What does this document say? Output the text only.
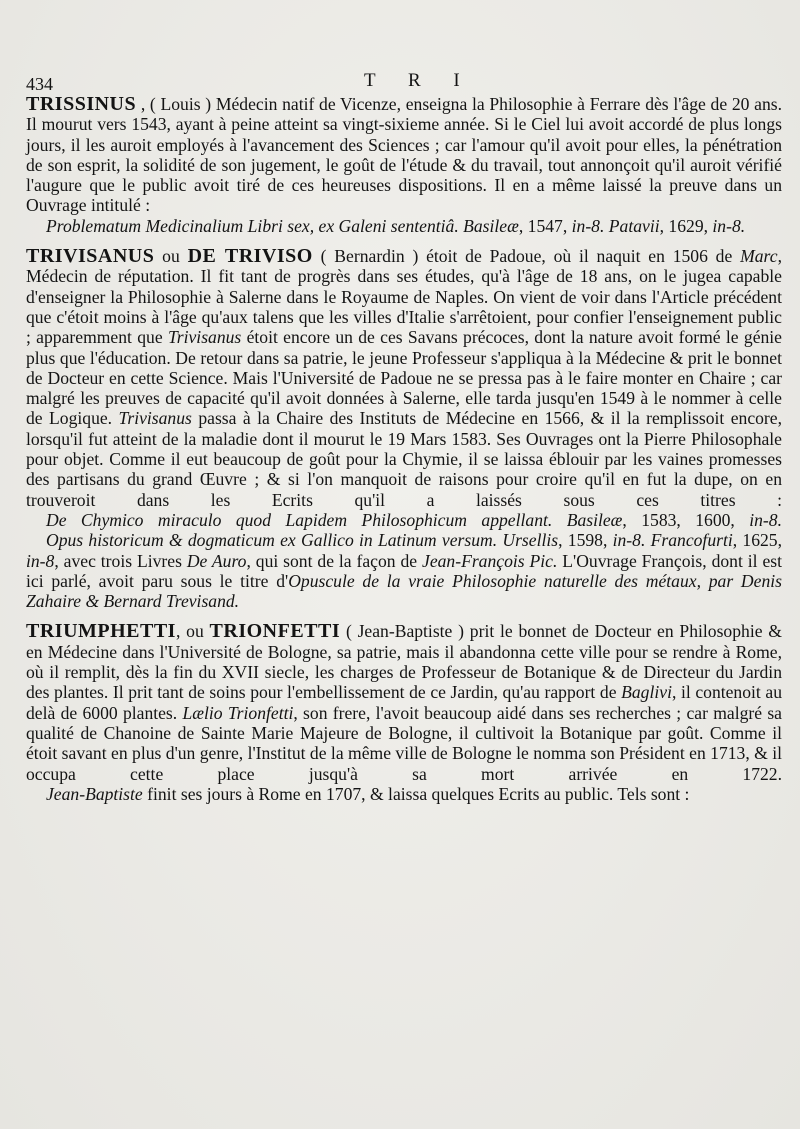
434	T R I

TRISSINUS , ( Louis ) Médecin natif de Vicenze, enseigna la Philosophie à Ferrare dès l'âge de 20 ans. Il mourut vers 1543, ayant à peine atteint sa vingt-sixieme année. Si le Ciel lui avoit accordé de plus longs jours, il les auroit employés à l'avancement des Sciences ; car l'amour qu'il avoit pour elles, la pénétration de son esprit, la solidité de son jugement, le goût de l'étude & du travail, tout annonçoit qu'il auroit vérifié l'augure que le public avoit tiré de ces heureuses dispositions. Il en a même laissé la preuve dans un Ouvrage intitulé :

Problematum Medicinalium Libri sex, ex Galeni sententiâ. Basileæ, 1547, in-8. Patavii, 1629, in-8.

TRIVISANUS ou DE TRIVISO ( Bernardin ) étoit de Padoue, où il naquit en 1506 de Marc, Médecin de réputation. Il fit tant de progrès dans ses études, qu'à l'âge de 18 ans, on le jugea capable d'enseigner la Philosophie à Salerne dans le Royaume de Naples. On vient de voir dans l'Article précédent que c'étoit moins à l'âge qu'aux talens que les villes d'Italie s'arrêtoient, pour confier l'enseignement public ; apparemment que Trivisanus étoit encore un de ces Savans précoces, dont la nature avoit formé le génie plus que l'éducation. De retour dans sa patrie, le jeune Professeur s'appliqua à la Médecine & prit le bonnet de Docteur en cette Science. Mais l'Université de Padoue ne se pressa pas à le faire monter en Chaire ; car malgré les preuves de capacité qu'il avoit données à Salerne, elle tarda jusqu'en 1549 à le nommer à celle de Logique. Trivisanus passa à la Chaire des Instituts de Médecine en 1566, & il la remplissoit encore, lorsqu'il fut atteint de la maladie dont il mourut le 19 Mars 1583. Ses Ouvrages ont la Pierre Philosophale pour objet. Comme il eut beaucoup de goût pour la Chymie, il se laissa éblouir par les vaines promesses des partisans du grand Œuvre ; & si l'on manquoit de raisons pour croire qu'il en fut la dupe, on en trouveroit dans les Ecrits qu'il a laissés sous ces titres :

De Chymico miraculo quod Lapidem Philosophicum appellant. Basileæ, 1583, 1600, in-8.

Opus historicum & dogmaticum ex Gallico in Latinum versum. Ursellis, 1598, in-8. Francofurti, 1625, in-8, avec trois Livres De Auro, qui sont de la façon de Jean-François Pic. L'Ouvrage François, dont il est ici parlé, avoit paru sous le titre d'Opuscule de la vraie Philosophie naturelle des métaux, par Denis Zahaire & Bernard Trevisand.

TRIUMPHETTI, ou TRIONFETTI ( Jean-Baptiste ) prit le bonnet de Docteur en Philosophie & en Médecine dans l'Université de Bologne, sa patrie, mais il abandonna cette ville pour se rendre à Rome, où il remplit, dès la fin du XVII siecle, les charges de Professeur de Botanique & de Directeur du Jardin des plantes. Il prit tant de soins pour l'embellissement de ce Jardin, qu'au rapport de Baglivi, il contenoit au delà de 6000 plantes. Lælio Trionfetti, son frere, l'avoit beaucoup aidé dans ses recherches ; car malgré sa qualité de Chanoine de Sainte Marie Majeure de Bologne, il cultivoit la Botanique par goût. Comme il étoit savant en plus d'un genre, l'Institut de la même ville de Bologne le nomma son Président en 1713, & il occupa cette place jusqu'à sa mort arrivée en 1722.

Jean-Baptiste finit ses jours à Rome en 1707, & laissa quelques Ecrits au public. Tels sont :
